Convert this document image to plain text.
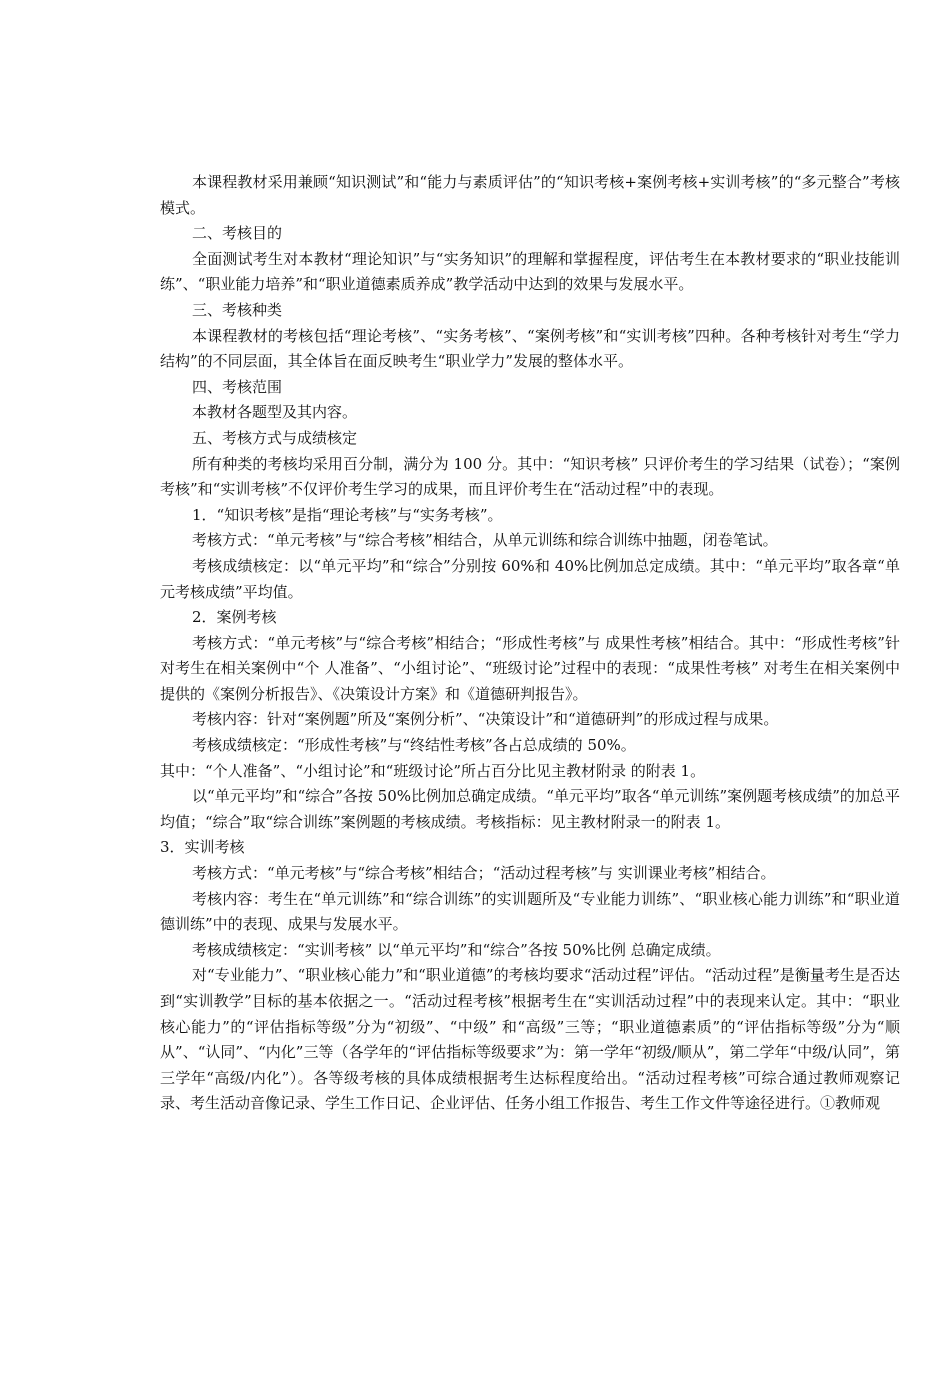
本课程教材采用兼顾“知识测试”和“能力与素质评估”的“知识考核+案例考核+实训考核”的“多元整合”考核模式。

二、考核目的

全面测试考生对本教材“理论知识”与“实务知识”的理解和掌握程度，评估考生在本教材要求的“职业技能训练”、“职业能力培养”和“职业道德素质养成”教学活动中达到的效果与发展水平。

三、考核种类

本课程教材的考核包括“理论考核”、“实务考核”、“案例考核”和“实训考核”四种。各种考核针对考生“学力结构”的不同层面，其全体旨在面反映考生“职业学力”发展的整体水平。

四、考核范围

本教材各题型及其内容。

五、考核方式与成绩核定

所有种类的考核均采用百分制，满分为 100 分。其中：“知识考核” 只评价考生的学习结果（试卷）；“案例考核”和“实训考核”不仅评价考生学习的成果，而且评价考生在“活动过程”中的表现。

1．“知识考核”是指“理论考核”与“实务考核”。

考核方式：“单元考核”与“综合考核”相结合，从单元训练和综合训练中抽题，闭卷笔试。

考核成绩核定：以“单元平均”和“综合”分别按 60%和 40%比例加总定成绩。其中：“单元平均”取各章“单元考核成绩”平均值。

2．案例考核

考核方式：“单元考核”与“综合考核”相结合；“形成性考核”与 成果性考核”相结合。其中：“形成性考核”针对考生在相关案例中“个 人准备”、“小组讨论”、“班级讨论”过程中的表现：“成果性考核” 对考生在相关案例中提供的《案例分析报告》、《决策设计方案》和《道德研判报告》。

考核内容：针对“案例题”所及“案例分析”、“决策设计”和“道德研判”的形成过程与成果。

考核成绩核定：“形成性考核”与“终结性考核”各占总成绩的 50%。

其中：“个人准备”、“小组讨论”和“班级讨论”所占百分比见主教材附录 的附表 1。

以“单元平均”和“综合”各按 50%比例加总确定成绩。“单元平均”取各“单元训练”案例题考核成绩”的加总平均值；“综合”取“综合训练”案例题的考核成绩。考核指标：见主教材附录一的附表 1。

3．实训考核

考核方式：“单元考核”与“综合考核”相结合；“活动过程考核”与 实训课业考核”相结合。

考核内容：考生在“单元训练”和“综合训练”的实训题所及“专业能力训练”、“职业核心能力训练”和“职业道德训练”中的表现、成果与发展水平。

考核成绩核定：“实训考核” 以“单元平均”和“综合”各按 50%比例 总确定成绩。

对“专业能力”、“职业核心能力”和“职业道德”的考核均要求“活动过程”评估。“活动过程”是衡量考生是否达到“实训教学”目标的基本依据之一。“活动过程考核”根据考生在“实训活动过程”中的表现来认定。其中：“职业核心能力”的“评估指标等级”分为“初级”、“中级” 和“高级”三等；“职业道德素质”的“评估指标等级”分为“顺从”、“认同”、“内化”三等（各学年的“评估指标等级要求”为：第一学年“初级/顺从”，第二学年“中级/认同”，第三学年“高级/内化”）。各等级考核的具体成绩根据考生达标程度给出。“活动过程考核”可综合通过教师观察记录、考生活动音像记录、学生工作日记、企业评估、任务小组工作报告、考生工作文件等途径进行。①教师观
